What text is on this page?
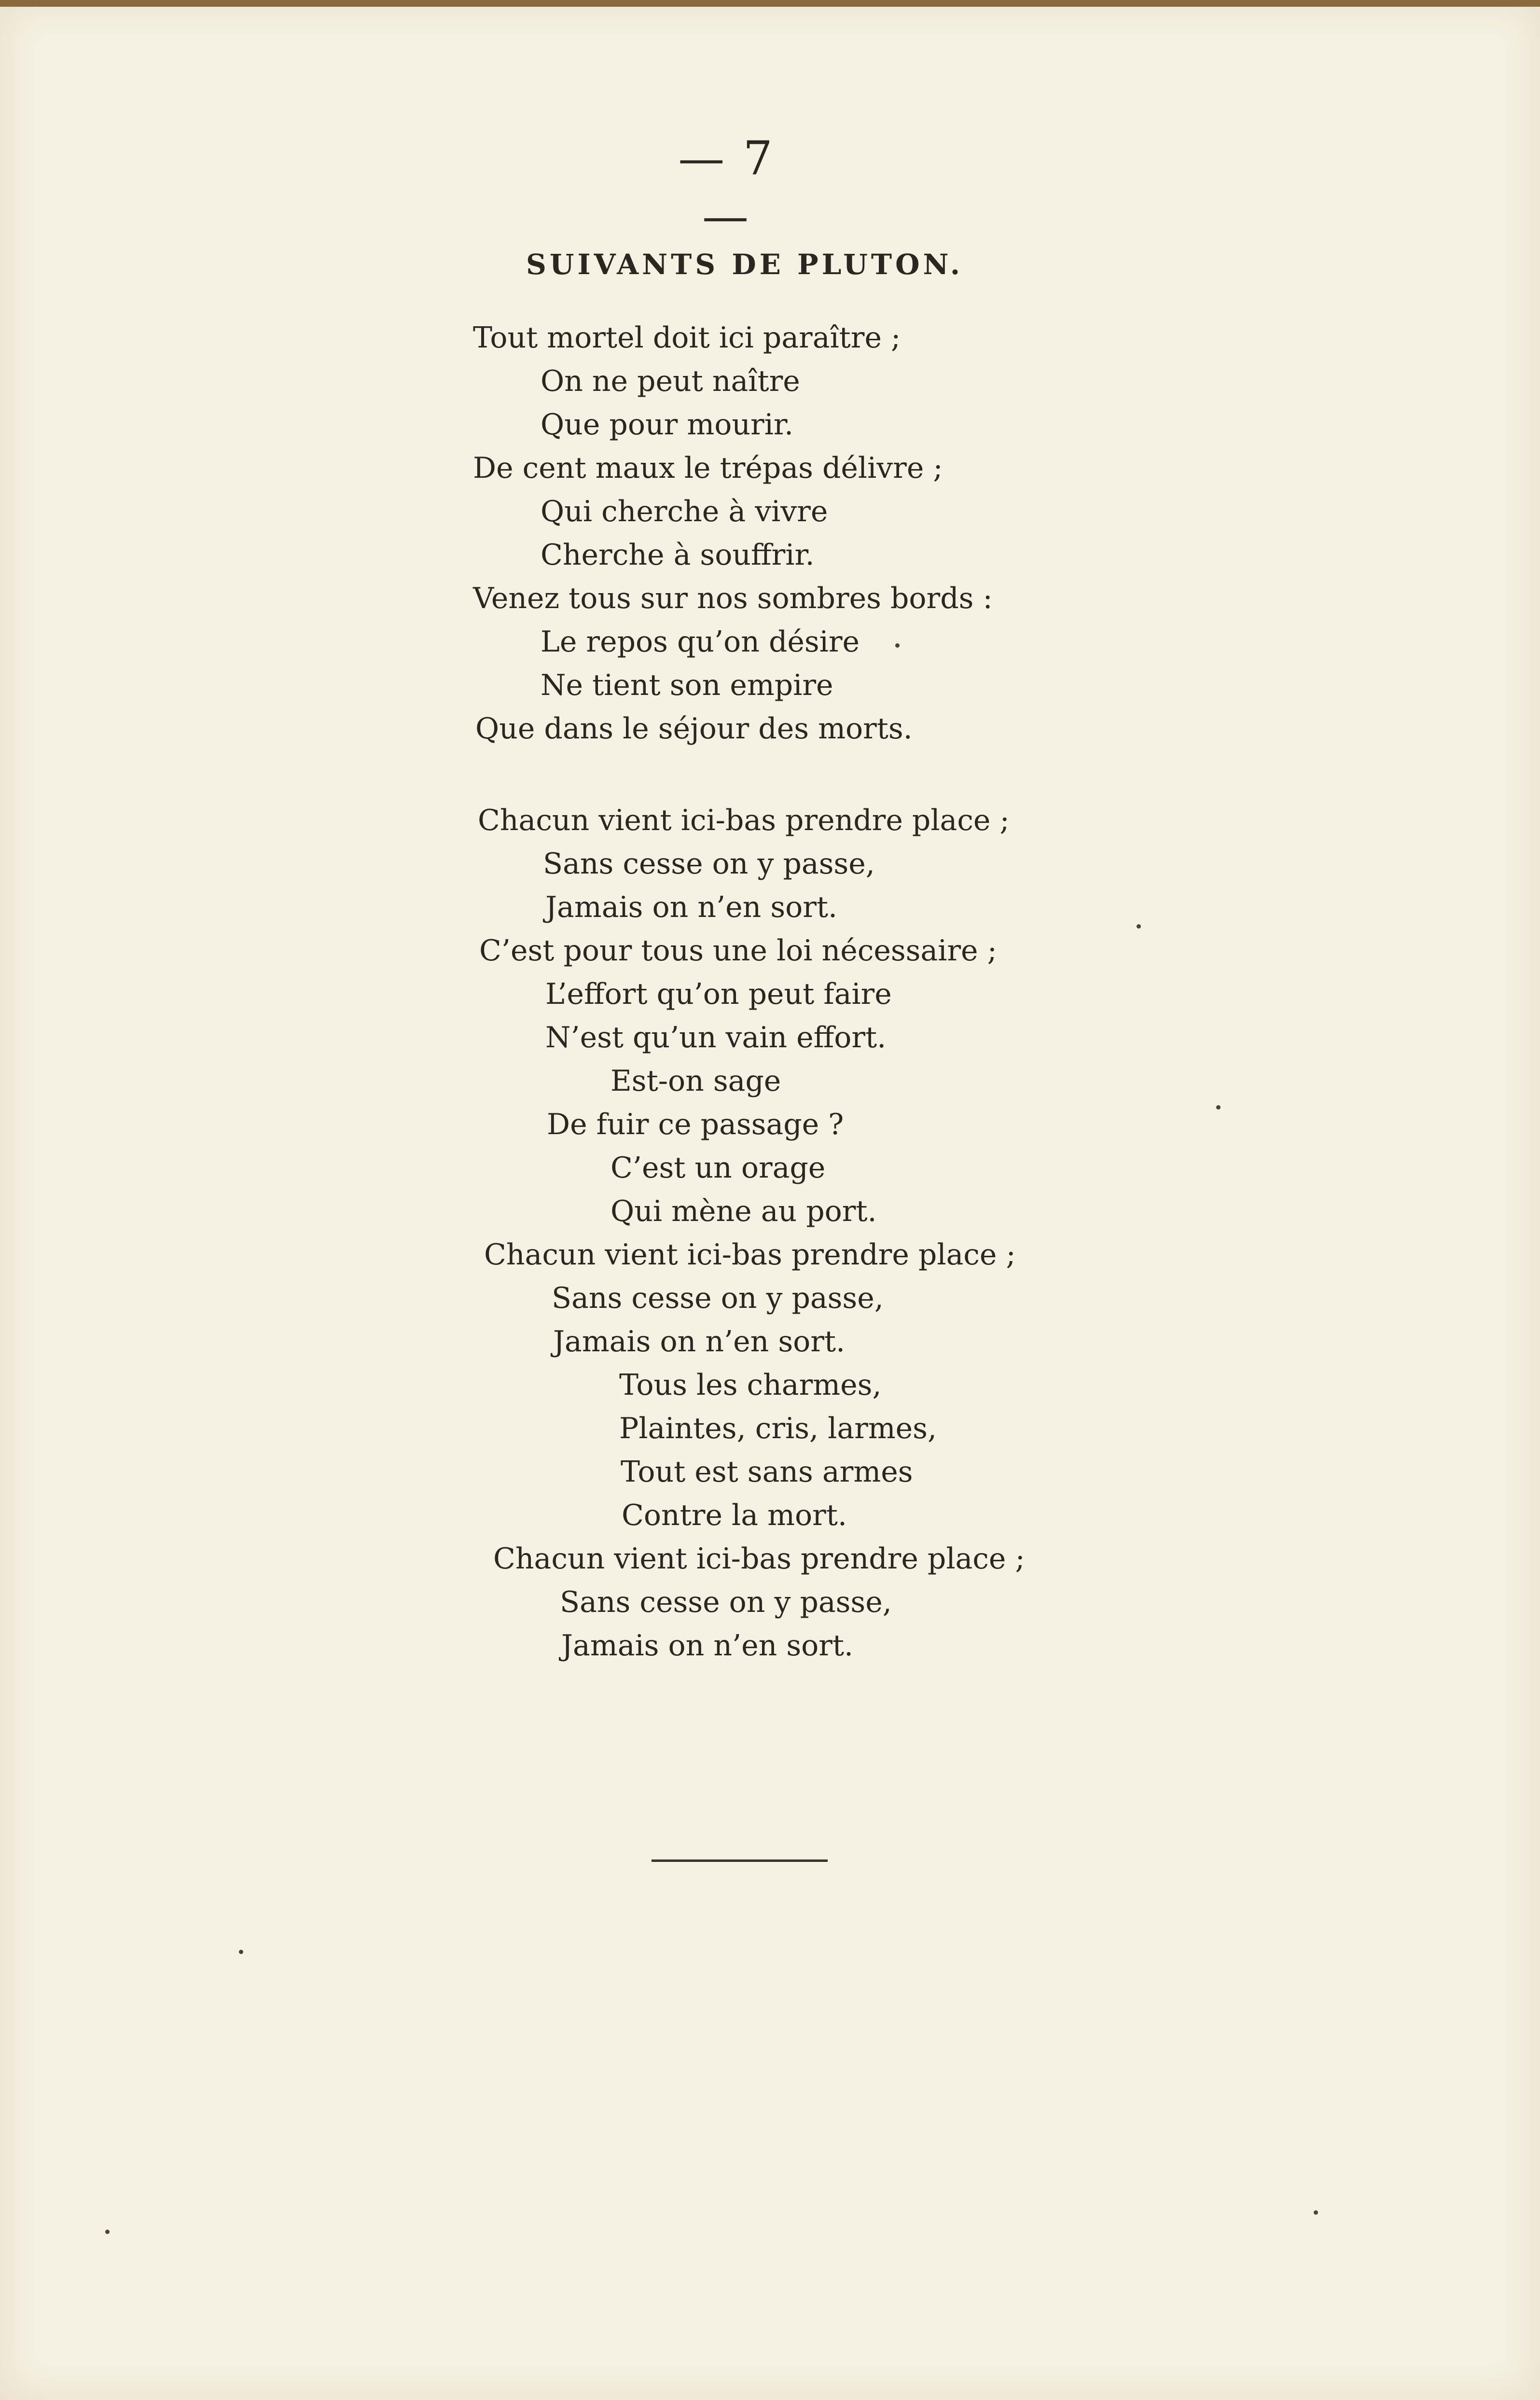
— 7 —
SUIVANTS DE PLUTON.
Tout mortel doit ici paraître ;
On ne peut naître
Que pour mourir.
De cent maux le trépas délivre ;
Qui cherche à vivre
Cherche à souffrir.
Venez tous sur nos sombres bords :
Le repos qu’on désire
Ne tient son empire
Que dans le séjour des morts.
Chacun vient ici-bas prendre place ;
Sans cesse on y passe,
Jamais on n’en sort.
C’est pour tous une loi nécessaire ;
L’effort qu’on peut faire
N’est qu’un vain effort.
Est-on sage
De fuir ce passage ?
C’est un orage
Qui mène au port.
Chacun vient ici-bas prendre place ;
Sans cesse on y passe,
Jamais on n’en sort.
Tous les charmes,
Plaintes, cris, larmes,
Tout est sans armes
Contre la mort.
Chacun vient ici-bas prendre place ;
Sans cesse on y passe,
Jamais on n’en sort.
